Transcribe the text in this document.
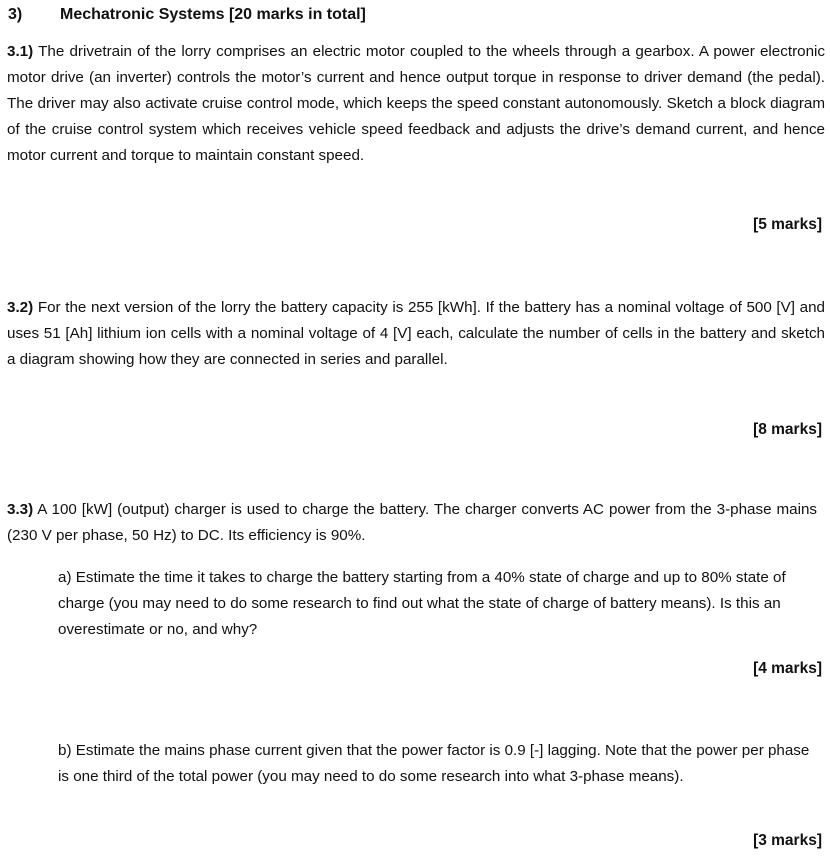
3) Mechatronic Systems [20 marks in total]

3.1) The drivetrain of the lorry comprises an electric motor coupled to the wheels through a gearbox. A power electronic motor drive (an inverter) controls the motor’s current and hence output torque in response to driver demand (the pedal). The driver may also activate cruise control mode, which keeps the speed constant autonomously. Sketch a block diagram of the cruise control system which receives vehicle speed feedback and adjusts the drive’s demand current, and hence motor current and torque to maintain constant speed.

[5 marks]

3.2) For the next version of the lorry the battery capacity is 255 [kWh]. If the battery has a nominal voltage of 500 [V] and uses 51 [Ah] lithium ion cells with a nominal voltage of 4 [V] each, calculate the number of cells in the battery and sketch a diagram showing how they are connected in series and parallel.

[8 marks]

3.3) A 100 [kW] (output) charger is used to charge the battery. The charger converts AC power from the 3-phase mains (230 V per phase, 50 Hz) to DC. Its efficiency is 90%.

a) Estimate the time it takes to charge the battery starting from a 40% state of charge and up to 80% state of charge (you may need to do some research to find out what the state of charge of battery means). Is this an overestimate or no, and why?

[4 marks]

b) Estimate the mains phase current given that the power factor is 0.9 [-] lagging. Note that the power per phase is one third of the total power (you may need to do some research into what 3-phase means).

[3 marks]
